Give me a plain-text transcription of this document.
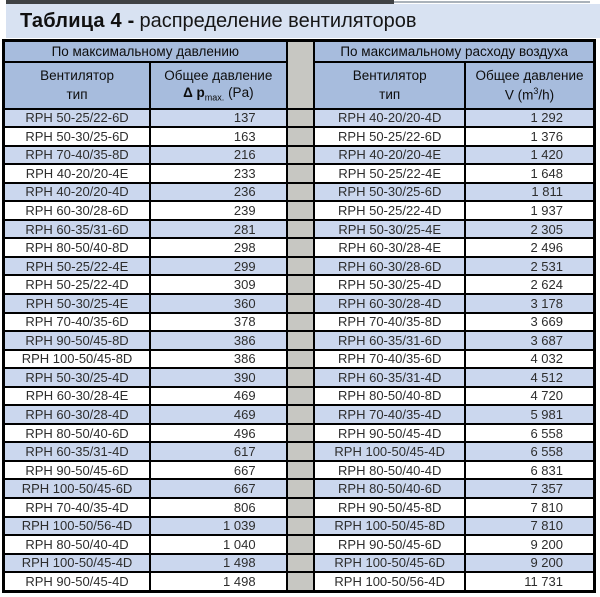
Таблица 4 - распределение вентиляторов
По максимальному давлению			По максимальному расходу воздуха	

Вентилятор
тип

Общее давление
Δ $p_{max.}$ (Pa)

Вентилятор
тип

Общее давление
V $(m^3/h)$

RPH 50-25/22-6D	137		RPH 40-20/20-4D	1 292
RPH 50-30/25-6D	163		RPH 50-25/22-6D	1 376
RPH 70-40/35-8D	216		RPH 40-20/20-4E	1 420
RPH 40-20/20-4E	233		RPH 50-25/22-4E	1 648
RPH 40-20/20-4D	236		RPH 50-30/25-6D	1 811
RPH 60-30/28-6D	239		RPH 50-25/22-4D	1 937
RPH 60-35/31-6D	281		RPH 50-30/25-4E	2 305
RPH 80-50/40-8D	298		RPH 60-30/28-4E	2 496
RPH 50-25/22-4E	299		RPH 60-30/28-6D	2 531
RPH 50-25/22-4D	309		RPH 50-30/25-4D	2 624
RPH 50-30/25-4E	360		RPH 60-30/28-4D	3 178
RPH 70-40/35-6D	378		RPH 70-40/35-8D	3 669
RPH 90-50/45-8D	386		RPH 60-35/31-6D	3 687
RPH 100-50/45-8D	386		RPH 70-40/35-6D	4 032
RPH 50-30/25-4D	390		RPH 60-35/31-4D	4 512
RPH 60-30/28-4E	469		RPH 80-50/40-8D	4 720
RPH 60-30/28-4D	469		RPH 70-40/35-4D	5 981
RPH 80-50/40-6D	496		RPH 90-50/45-4D	6 558
RPH 60-35/31-4D	617		RPH 100-50/45-4D	6 558
RPH 90-50/45-6D	667		RPH 80-50/40-4D	6 831
RPH 100-50/45-6D	667		RPH 80-50/40-6D	7 357
RPH 70-40/35-4D	806		RPH 90-50/45-8D	7 810
RPH 100-50/56-4D	1 039		RPH 100-50/45-8D	7 810
RPH 80-50/40-4D	1 040		RPH 90-50/45-6D	9 200
RPH 100-50/45-4D	1 498		RPH 100-50/45-6D	9 200
RPH 90-50/45-4D	1 498		RPH 100-50/56-4D	11 731
